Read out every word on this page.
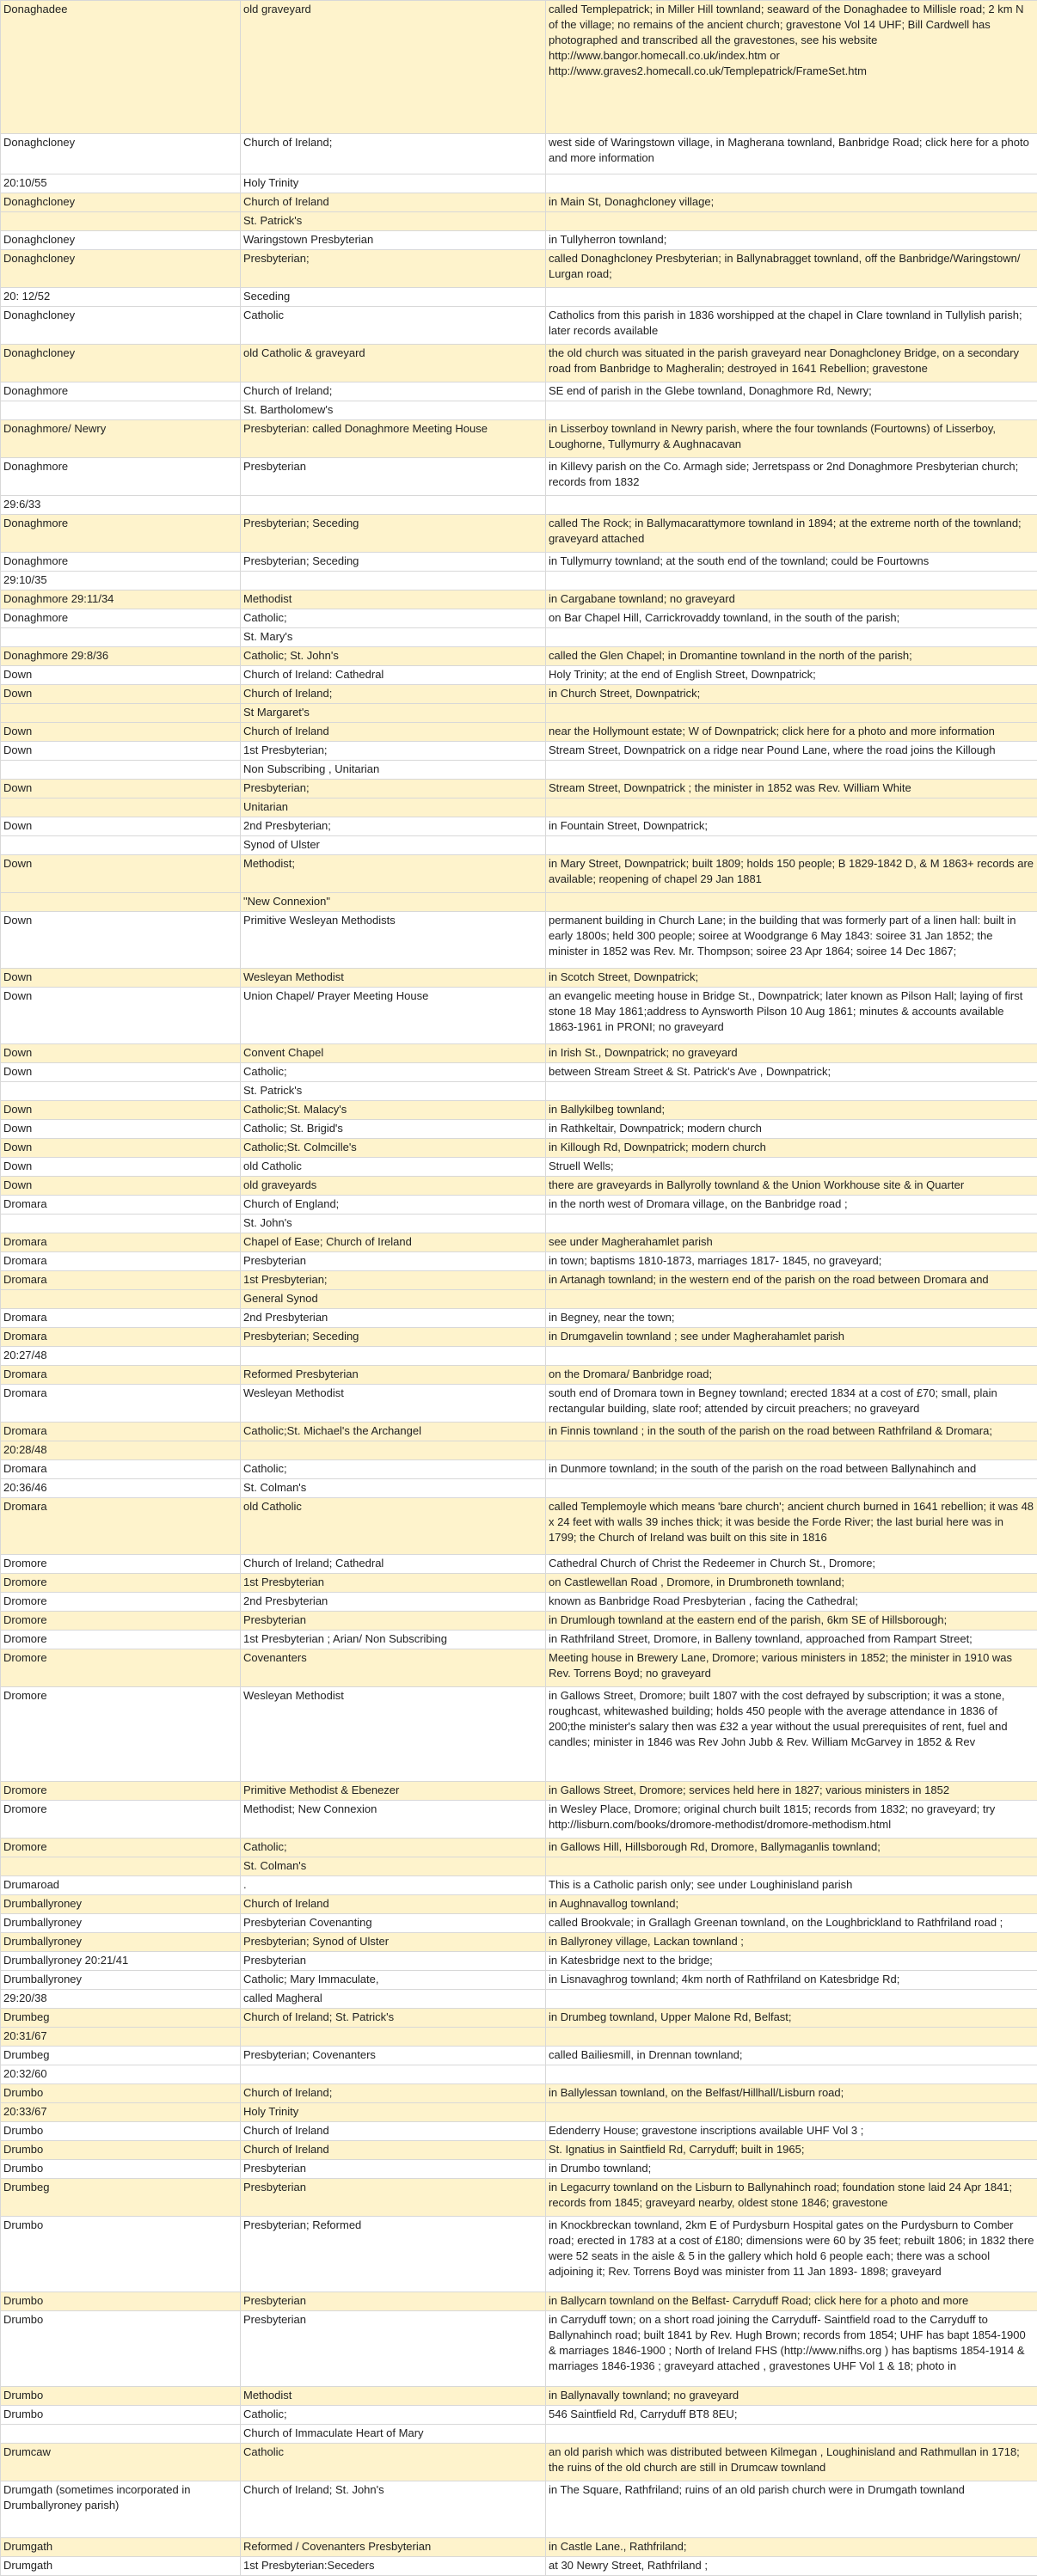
Donaghadee	old graveyard	called Templepatrick; in Miller Hill townland; seaward of the Donaghadee to Millisle road; 2 km N of the village; no remains of the ancient church; gravestone Vol 14 UHF; Bill Cardwell has photographed and transcribed all the gravestones, see his website http://www.bangor.homecall.co.uk/index.htm or http://www.graves2.homecall.co.uk/Templepatrick/FrameSet.htm
Donaghcloney	Church of Ireland;	west side of Waringstown village, in Magherana townland, Banbridge Road; click here for a photo and more information
20:10/55	Holy Trinity	
Donaghcloney	Church of Ireland	in Main St, Donaghcloney village;
	St. Patrick's	
Donaghcloney	Waringstown Presbyterian	in Tullyherron townland;
Donaghcloney	Presbyterian;	called Donaghcloney Presbyterian; in Ballynabragget townland, off the Banbridge/Waringstown/ Lurgan road;
20: 12/52	Seceding	
Donaghcloney	Catholic	Catholics from this parish in 1836 worshipped at the chapel in Clare townland in Tullylish parish; later records available
Donaghcloney	old Catholic & graveyard	the old church was situated in the parish graveyard near Donaghcloney Bridge, on a secondary road from Banbridge to Magheralin; destroyed in 1641 Rebellion; gravestone
Donaghmore	Church of Ireland;	SE end of parish in the Glebe townland, Donaghmore Rd, Newry;
	St. Bartholomew's	
Donaghmore/ Newry	Presbyterian: called Donaghmore Meeting House	in Lisserboy townland in Newry parish, where the four townlands (Fourtowns) of Lisserboy, Loughorne, Tullymurry & Aughnacavan
Donaghmore	Presbyterian	in Killevy parish on the Co. Armagh side; Jerretspass or 2nd Donaghmore Presbyterian church; records from 1832
29:6/33		
Donaghmore	Presbyterian; Seceding	called The Rock; in Ballymacarattymore townland in 1894; at the extreme north of the townland; graveyard attached
Donaghmore	Presbyterian; Seceding	in Tullymurry townland; at the south end of the townland; could be Fourtowns
29:10/35		
Donaghmore 29:11/34	Methodist	in Cargabane townland; no graveyard
Donaghmore	Catholic;	on Bar Chapel Hill, Carrickrovaddy townland, in the south of the parish;
	St. Mary's	
Donaghmore 29:8/36	Catholic; St. John's	called the Glen Chapel; in Dromantine townland in the north of the parish;
Down	Church of Ireland: Cathedral	Holy Trinity; at the end of English Street, Downpatrick;
Down	Church of Ireland;	in Church Street, Downpatrick;
	St Margaret's	
Down	Church of Ireland	near the Hollymount estate; W of Downpatrick; click here for a photo and more information
Down	1st Presbyterian;	Stream Street, Downpatrick on a ridge near Pound Lane, where the road joins the Killough
	Non Subscribing , Unitarian	
Down	Presbyterian;	Stream Street, Downpatrick ; the minister in 1852 was Rev. William White
	Unitarian	
Down	2nd Presbyterian;	in Fountain Street, Downpatrick;
	Synod of Ulster	
Down	Methodist;	in Mary Street, Downpatrick; built 1809; holds 150 people; B 1829-1842 D, & M 1863+ records are available; reopening of chapel 29 Jan 1881
	"New Connexion"	
Down	Primitive Wesleyan Methodists	permanent building in Church Lane; in the building that was formerly part of a linen hall: built in early 1800s; held 300 people; soiree at Woodgrange 6 May 1843: soiree 31 Jan 1852; the minister in 1852 was Rev. Mr. Thompson; soiree 23 Apr 1864; soiree 14 Dec 1867;
Down	Wesleyan Methodist	in Scotch Street, Downpatrick;
Down	Union Chapel/ Prayer Meeting House	an evangelic meeting house in Bridge St., Downpatrick; later known as Pilson Hall; laying of first stone 18 May 1861;address to Aynsworth Pilson 10 Aug 1861; minutes & accounts available 1863-1961 in PRONI; no graveyard
Down	Convent Chapel	in Irish St., Downpatrick; no graveyard
Down	Catholic;	between Stream Street & St. Patrick's Ave , Downpatrick;
	St. Patrick's	
Down	Catholic;St. Malacy's	in Ballykilbeg townland;
Down	Catholic; St. Brigid's	in Rathkeltair, Downpatrick; modern church
Down	Catholic;St. Colmcille's	in Killough Rd, Downpatrick; modern church
Down	old Catholic	Struell Wells;
Down	old graveyards	there are graveyards in Ballyrolly townland & the Union Workhouse site & in Quarter
Dromara	Church of England;	in the north west of Dromara village, on the Banbridge road ;
	St. John's	
Dromara	Chapel of Ease; Church of Ireland	see under Magherahamlet parish
Dromara	Presbyterian	in town; baptisms 1810-1873, marriages 1817- 1845, no graveyard;
Dromara	1st Presbyterian;	in Artanagh townland; in the western end of the parish on the road between Dromara and
	General Synod	
Dromara	2nd Presbyterian	in Begney, near the town;
Dromara	Presbyterian; Seceding	in Drumgavelin townland ; see under Magherahamlet parish
20:27/48		
Dromara	Reformed Presbyterian	on the Dromara/ Banbridge road;
Dromara	Wesleyan Methodist	south end of Dromara town in Begney townland; erected 1834 at a cost of £70; small, plain rectangular building, slate roof; attended by circuit preachers; no graveyard
Dromara	Catholic;St. Michael's the Archangel	in Finnis townland ; in the south of the parish on the road between Rathfriland & Dromara;
20:28/48		
Dromara	Catholic;	in Dunmore townland; in the south of the parish on the road between Ballynahinch and
20:36/46	St. Colman's	
Dromara	old Catholic	called Templemoyle which means 'bare church'; ancient church burned in 1641 rebellion; it was 48 x 24 feet with walls 39 inches thick; it was beside the Forde River; the last burial here was in 1799; the Church of Ireland was built on this site in 1816
Dromore	Church of Ireland; Cathedral	Cathedral Church of Christ the Redeemer in Church St., Dromore;
Dromore	1st Presbyterian	on Castlewellan Road , Dromore, in Drumbroneth townland;
Dromore	2nd Presbyterian	known as Banbridge Road Presbyterian , facing the Cathedral;
Dromore	Presbyterian	in Drumlough townland at the eastern end of the parish, 6km SE of Hillsborough;
Dromore	1st Presbyterian ; Arian/ Non Subscribing	in Rathfriland Street, Dromore, in Balleny townland, approached from Rampart Street;
Dromore	Covenanters	Meeting house in Brewery Lane, Dromore; various ministers in 1852; the minister in 1910 was Rev. Torrens Boyd; no graveyard
Dromore	Wesleyan Methodist	in Gallows Street, Dromore; built 1807 with the cost defrayed by subscription; it was a stone, roughcast, whitewashed building; holds 450 people with the average attendance in 1836 of 200;the minister's salary then was £32 a year without the usual prerequisites of rent, fuel and candles; minister in 1846 was Rev John Jubb & Rev. William McGarvey in 1852 & Rev
Dromore	Primitive Methodist & Ebenezer	in Gallows Street, Dromore; services held here in 1827; various ministers in 1852
Dromore	Methodist; New Connexion	in Wesley Place, Dromore; original church built 1815; records from 1832; no graveyard; try http://lisburn.com/books/dromore-methodist/dromore-methodism.html
Dromore	Catholic;	in Gallows Hill, Hillsborough Rd, Dromore, Ballymaganlis townland;
	St. Colman's	
Drumaroad	.	This is a Catholic parish only; see under Loughinisland parish
Drumballyroney	Church of Ireland	in Aughnavallog townland;
Drumballyroney	Presbyterian Covenanting	called Brookvale; in Grallagh Greenan townland, on the Loughbrickland to Rathfriland road ;
Drumballyroney	Presbyterian; Synod of Ulster	in Ballyroney village, Lackan townland ;
Drumballyroney 20:21/41	Presbyterian	in Katesbridge next to the bridge;
Drumballyroney	Catholic; Mary Immaculate,	in Lisnavaghrog townland; 4km north of Rathfriland on Katesbridge Rd;
29:20/38	called Magheral	
Drumbeg	Church of Ireland; St. Patrick's	in Drumbeg townland, Upper Malone Rd, Belfast;
20:31/67		
Drumbeg	Presbyterian; Covenanters	called Bailiesmill, in Drennan townland;
20:32/60		
Drumbo	Church of Ireland;	in Ballylessan townland, on the Belfast/Hillhall/Lisburn road;
20:33/67	Holy Trinity	
Drumbo	Church of Ireland	Edenderry House; gravestone inscriptions available UHF Vol 3 ;
Drumbo	Church of Ireland	St. Ignatius in Saintfield Rd, Carryduff; built in 1965;
Drumbo	Presbyterian	in Drumbo townland;
Drumbeg	Presbyterian	in Legacurry townland on the Lisburn to Ballynahinch road; foundation stone laid 24 Apr 1841; records from 1845; graveyard nearby, oldest stone 1846; gravestone
Drumbo	Presbyterian; Reformed	in Knockbreckan townland, 2km E of Purdysburn Hospital gates on the Purdysburn to Comber road; erected in 1783 at a cost of £180; dimensions were 60 by 35 feet; rebuilt 1806; in 1832 there were 52 seats in the aisle & 5 in the gallery which hold 6 people each; there was a school adjoining it; Rev. Torrens Boyd was minister from 11 Jan 1893- 1898; graveyard
Drumbo	Presbyterian	in Ballycarn townland on the Belfast- Carryduff Road; click here for a photo and more
Drumbo	Presbyterian	in Carryduff town; on a short road joining the Carryduff- Saintfield road to the Carryduff to Ballynahinch road; built 1841 by Rev. Hugh Brown; records from 1854; UHF has bapt 1854-1900 & marriages 1846-1900 ; North of Ireland FHS (http://www.nifhs.org ) has baptisms 1854-1914 & marriages 1846-1936 ; graveyard attached , gravestones UHF Vol 1 & 18; photo in
Drumbo	Methodist	in Ballynavally townland; no graveyard
Drumbo	Catholic;	546 Saintfield Rd, Carryduff BT8 8EU;
	Church of Immaculate Heart of Mary	
Drumcaw	Catholic	an old parish which was distributed between Kilmegan , Loughinisland and Rathmullan in 1718; the ruins of the old church are still in Drumcaw townland
Drumgath (sometimes incorporated in Drumballyroney parish)	Church of Ireland; St. John's	in The Square, Rathfriland; ruins of an old parish church were in Drumgath townland
Drumgath	Reformed / Covenanters Presbyterian	in Castle Lane., Rathfriland;
Drumgath	1st Presbyterian:Seceders	at 30 Newry Street, Rathfriland ;
